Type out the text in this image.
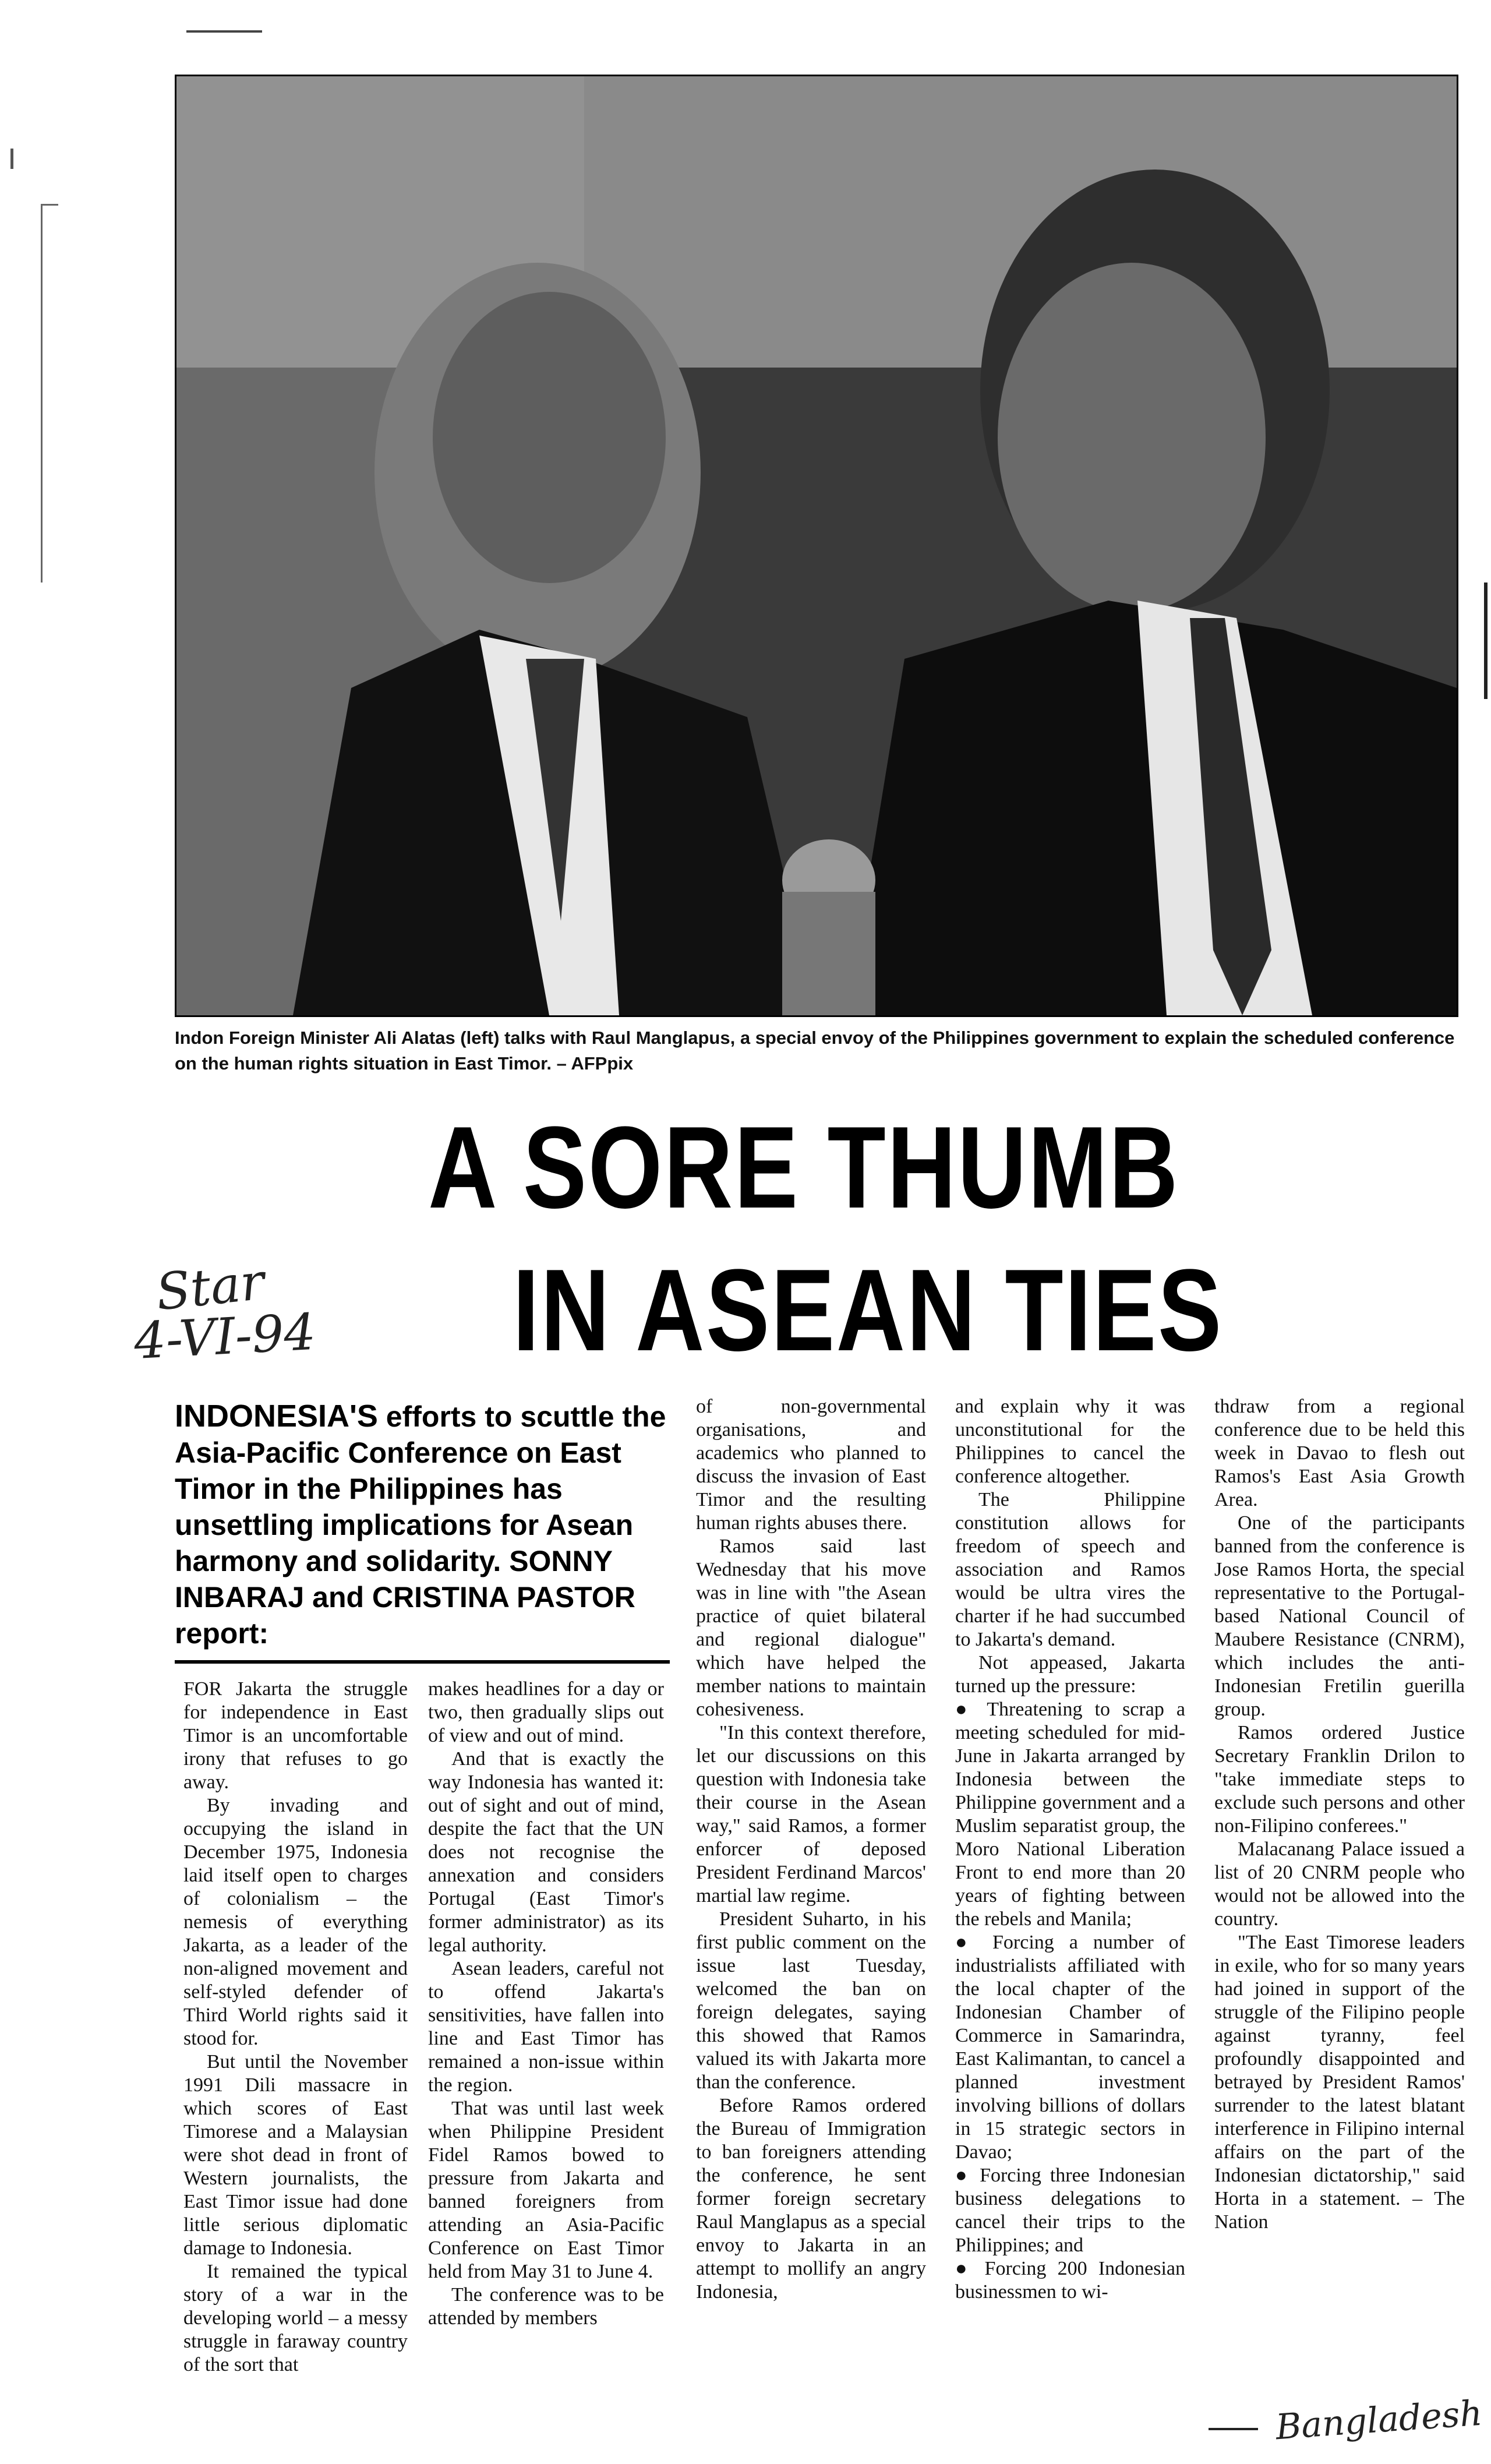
Indon Foreign Minister Ali Alatas (left) talks with Raul Manglapus, a special envoy of the Philippines government to explain the scheduled conference on the human rights situation in East Timor. – AFPpix
A SORE THUMB
IN ASEAN TIES
Star
4-VI-94
Bangladesh
INDONESIA'S efforts to scuttle the Asia-Pacific Conference on East Timor in the Philippines has unsettling implications for Asean harmony and solidarity. SONNY INBARAJ and CRISTINA PASTOR report:

FOR Jakarta the struggle for independence in East Timor is an uncomfortable irony that refuses to go away.

By invading and occupying the island in December 1975, Indonesia laid itself open to charges of colonialism – the nemesis of everything Jakarta, as a leader of the non-aligned movement and self-styled defender of Third World rights said it stood for.

But until the November 1991 Dili massacre in which scores of East Timorese and a Malaysian were shot dead in front of Western journalists, the East Timor issue had done little serious diplomatic damage to Indonesia.

It remained the typical story of a war in the developing world – a messy struggle in faraway country of the sort that

makes headlines for a day or two, then gradually slips out of view and out of mind.

And that is exactly the way Indonesia has wanted it: out of sight and out of mind, despite the fact that the UN does not recognise the annexation and considers Portugal (East Timor's former administrator) as its legal authority.

Asean leaders, careful not to offend Jakarta's sensitivities, have fallen into line and East Timor has remained a non-issue within the region.

That was until last week when Philippine President Fidel Ramos bowed to pressure from Jakarta and banned foreigners from attending an Asia-Pacific Conference on East Timor held from May 31 to June 4.

The conference was to be attended by members

of non-governmental organisations, and academics who planned to discuss the invasion of East Timor and the resulting human rights abuses there.

Ramos said last Wednesday that his move was in line with "the Asean practice of quiet bilateral and regional dialogue" which have helped the member nations to maintain cohesiveness.

"In this context therefore, let our discussions on this question with Indonesia take their course in the Asean way," said Ramos, a former enforcer of deposed President Ferdinand Marcos' martial law regime.

President Suharto, in his first public comment on the issue last Tuesday, welcomed the ban on foreign delegates, saying this showed that Ramos valued its with Jakarta more than the conference.

Before Ramos ordered the Bureau of Immigration to ban foreigners attending the conference, he sent former foreign secretary Raul Manglapus as a special envoy to Jakarta in an attempt to mollify an angry Indonesia,

and explain why it was unconstitutional for the Philippines to cancel the conference altogether.

The Philippine constitution allows for freedom of speech and association and Ramos would be ultra vires the charter if he had succumbed to Jakarta's demand.

Not appeased, Jakarta turned up the pressure:

● Threatening to scrap a meeting scheduled for mid-June in Jakarta arranged by Indonesia between the Philippine government and a Muslim separatist group, the Moro National Liberation Front to end more than 20 years of fighting between the rebels and Manila;

● Forcing a number of industrialists affiliated with the local chapter of the Indonesian Chamber of Commerce in Samarindra, East Kalimantan, to cancel a planned investment involving billions of dollars in 15 strategic sectors in Davao;

● Forcing three Indonesian business delegations to cancel their trips to the Philippines; and

● Forcing 200 Indonesian businessmen to wi-

thdraw from a regional conference due to be held this week in Davao to flesh out Ramos's East Asia Growth Area.

One of the participants banned from the conference is Jose Ramos Horta, the special representative to the Portugal-based National Council of Maubere Resistance (CNRM), which includes the anti-Indonesian Fretilin guerilla group.

Ramos ordered Justice Secretary Franklin Drilon to "take immediate steps to exclude such persons and other non-Filipino conferees."

Malacanang Palace issued a list of 20 CNRM people who would not be allowed into the country.

"The East Timorese leaders in exile, who for so many years had joined in support of the struggle of the Filipino people against tyranny, feel profoundly disappointed and betrayed by President Ramos' surrender to the latest blatant interference in Filipino internal affairs on the part of the Indonesian dictatorship," said Horta in a statement. – The Nation
